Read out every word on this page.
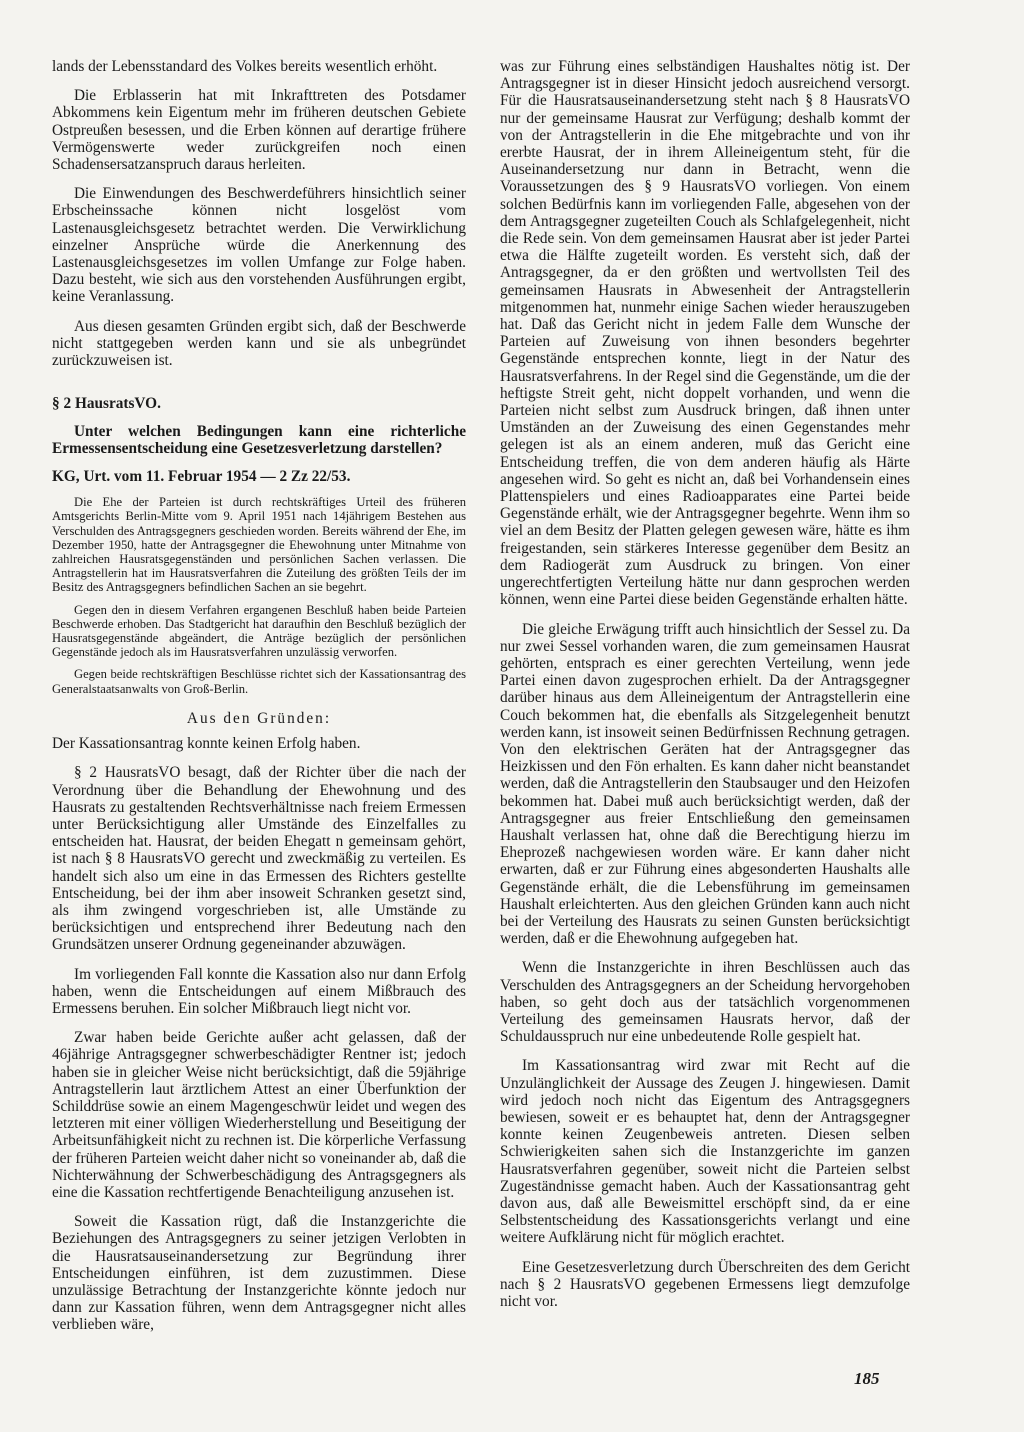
lands der Lebensstandard des Volkes bereits wesentlich erhöht.

Die Erblasserin hat mit Inkrafttreten des Potsdamer Abkommens kein Eigentum mehr im früheren deutschen Gebiete Ostpreußen besessen, und die Erben können auf derartige frühere Vermögenswerte weder zurückgreifen noch einen Schadensersatzanspruch daraus herleiten.

Die Einwendungen des Beschwerdeführers hinsichtlich seiner Erbscheinssache können nicht losgelöst vom Lastenausgleichsgesetz betrachtet werden. Die Verwirklichung einzelner Ansprüche würde die Anerkennung des Lastenausgleichsgesetzes im vollen Umfange zur Folge haben. Dazu besteht, wie sich aus den vorstehenden Ausführungen ergibt, keine Veranlassung.

Aus diesen gesamten Gründen ergibt sich, daß der Beschwerde nicht stattgegeben werden kann und sie als unbegründet zurückzuweisen ist.

§ 2 HausratsVO.
Unter welchen Bedingungen kann eine richterliche Ermessensentscheidung eine Gesetzesverletzung darstellen?
KG, Urt. vom 11. Februar 1954 — 2 Zz 22/53.
Die Ehe der Parteien ist durch rechtskräftiges Urteil des früheren Amtsgerichts Berlin-Mitte vom 9. April 1951 nach 14jährigem Bestehen aus Verschulden des Antragsgegners geschieden worden. Bereits während der Ehe, im Dezember 1950, hatte der Antragsgegner die Ehewohnung unter Mitnahme von zahlreichen Hausratsgegenständen und persönlichen Sachen verlassen. Die Antragstellerin hat im Hausratsverfahren die Zuteilung des größten Teils der im Besitz des Antragsgegners befindlichen Sachen an sie begehrt.
Gegen den in diesem Verfahren ergangenen Beschluß haben beide Parteien Beschwerde erhoben. Das Stadtgericht hat daraufhin den Beschluß bezüglich der Hausratsgegenstände abgeändert, die Anträge bezüglich der persönlichen Gegenstände jedoch als im Hausratsverfahren unzulässig verworfen.
Gegen beide rechtskräftigen Beschlüsse richtet sich der Kassationsantrag des Generalstaatsanwalts von Groß-Berlin.
Aus den Gründen:

Der Kassationsantrag konnte keinen Erfolg haben.

§ 2 HausratsVO besagt, daß der Richter über die nach der Verordnung über die Behandlung der Ehewohnung und des Hausrats zu gestaltenden Rechtsverhältnisse nach freiem Ermessen unter Berücksichtigung aller Umstände des Einzelfalles zu entscheiden hat. Hausrat, der beiden Ehegatt n gemeinsam gehört, ist nach § 8 HausratsVO gerecht und zweckmäßig zu verteilen. Es handelt sich also um eine in das Ermessen des Richters gestellte Entscheidung, bei der ihm aber insoweit Schranken gesetzt sind, als ihm zwingend vorgeschrieben ist, alle Umstände zu berücksichtigen und entsprechend ihrer Bedeutung nach den Grundsätzen unserer Ordnung gegeneinander abzuwägen.

Im vorliegenden Fall konnte die Kassation also nur dann Erfolg haben, wenn die Entscheidungen auf einem Mißbrauch des Ermessens beruhen. Ein solcher Mißbrauch liegt nicht vor.

Zwar haben beide Gerichte außer acht gelassen, daß der 46jährige Antragsgegner schwerbeschädigter Rentner ist; jedoch haben sie in gleicher Weise nicht berücksichtigt, daß die 59jährige Antragstellerin laut ärztlichem Attest an einer Überfunktion der Schilddrüse sowie an einem Magengeschwür leidet und wegen des letzteren mit einer völligen Wiederherstellung und Beseitigung der Arbeitsunfähigkeit nicht zu rechnen ist. Die körperliche Verfassung der früheren Parteien weicht daher nicht so voneinander ab, daß die Nichterwähnung der Schwerbeschädigung des Antragsgegners als eine die Kassation rechtfertigende Benachteiligung anzusehen ist.

Soweit die Kassation rügt, daß die Instanzgerichte die Beziehungen des Antragsgegners zu seiner jetzigen Verlobten in die Hausratsauseinandersetzung zur Begründung ihrer Entscheidungen einführen, ist dem zuzustimmen. Diese unzulässige Betrachtung der Instanzgerichte könnte jedoch nur dann zur Kassation führen, wenn dem Antragsgegner nicht alles verblieben wäre,

was zur Führung eines selbständigen Haushaltes nötig ist. Der Antragsgegner ist in dieser Hinsicht jedoch ausreichend versorgt. Für die Hausratsauseinandersetzung steht nach § 8 HausratsVO nur der gemeinsame Hausrat zur Verfügung; deshalb kommt der von der Antragstellerin in die Ehe mitgebrachte und von ihr ererbte Hausrat, der in ihrem Alleineigentum steht, für die Auseinandersetzung nur dann in Betracht, wenn die Voraussetzungen des § 9 HausratsVO vorliegen. Von einem solchen Bedürfnis kann im vorliegenden Falle, abgesehen von der dem Antragsgegner zugeteilten Couch als Schlafgelegenheit, nicht die Rede sein. Von dem gemeinsamen Hausrat aber ist jeder Partei etwa die Hälfte zugeteilt worden. Es versteht sich, daß der Antragsgegner, da er den größten und wertvollsten Teil des gemeinsamen Hausrats in Abwesenheit der Antragstellerin mitgenommen hat, nunmehr einige Sachen wieder herauszugeben hat. Daß das Gericht nicht in jedem Falle dem Wunsche der Parteien auf Zuweisung von ihnen besonders begehrter Gegenstände entsprechen konnte, liegt in der Natur des Hausratsverfahrens. In der Regel sind die Gegenstände, um die der heftigste Streit geht, nicht doppelt vorhanden, und wenn die Parteien nicht selbst zum Ausdruck bringen, daß ihnen unter Umständen an der Zuweisung des einen Gegenstandes mehr gelegen ist als an einem anderen, muß das Gericht eine Entscheidung treffen, die von dem anderen häufig als Härte angesehen wird. So geht es nicht an, daß bei Vorhandensein eines Plattenspielers und eines Radioapparates eine Partei beide Gegenstände erhält, wie der Antragsgegner begehrte. Wenn ihm so viel an dem Besitz der Platten gelegen gewesen wäre, hätte es ihm freigestanden, sein stärkeres Interesse gegenüber dem Besitz an dem Radiogerät zum Ausdruck zu bringen. Von einer ungerechtfertigten Verteilung hätte nur dann gesprochen werden können, wenn eine Partei diese beiden Gegenstände erhalten hätte.

Die gleiche Erwägung trifft auch hinsichtlich der Sessel zu. Da nur zwei Sessel vorhanden waren, die zum gemeinsamen Hausrat gehörten, entsprach es einer gerechten Verteilung, wenn jede Partei einen davon zugesprochen erhielt. Da der Antragsgegner darüber hinaus aus dem Alleineigentum der Antragstellerin eine Couch bekommen hat, die ebenfalls als Sitzgelegenheit benutzt werden kann, ist insoweit seinen Bedürfnissen Rechnung getragen. Von den elektrischen Geräten hat der Antragsgegner das Heizkissen und den Fön erhalten. Es kann daher nicht beanstandet werden, daß die Antragstellerin den Staubsauger und den Heizofen bekommen hat. Dabei muß auch berücksichtigt werden, daß der Antragsgegner aus freier Entschließung den gemeinsamen Haushalt verlassen hat, ohne daß die Berechtigung hierzu im Eheprozeß nachgewiesen worden wäre. Er kann daher nicht erwarten, daß er zur Führung eines abgesonderten Haushalts alle Gegenstände erhält, die die Lebensführung im gemeinsamen Haushalt erleichterten. Aus den gleichen Gründen kann auch nicht bei der Verteilung des Hausrats zu seinen Gunsten berücksichtigt werden, daß er die Ehewohnung aufgegeben hat.

Wenn die Instanzgerichte in ihren Beschlüssen auch das Verschulden des Antragsgegners an der Scheidung hervorgehoben haben, so geht doch aus der tatsächlich vorgenommenen Verteilung des gemeinsamen Hausrats hervor, daß der Schuldausspruch nur eine unbedeutende Rolle gespielt hat.

Im Kassationsantrag wird zwar mit Recht auf die Unzulänglichkeit der Aussage des Zeugen J. hingewiesen. Damit wird jedoch noch nicht das Eigentum des Antragsgegners bewiesen, soweit er es behauptet hat, denn der Antragsgegner konnte keinen Zeugenbeweis antreten. Diesen selben Schwierigkeiten sahen sich die Instanzgerichte im ganzen Hausratsverfahren gegenüber, soweit nicht die Parteien selbst Zugeständnisse gemacht haben. Auch der Kassationsantrag geht davon aus, daß alle Beweismittel erschöpft sind, da er eine Selbstentscheidung des Kassationsgerichts verlangt und eine weitere Aufklärung nicht für möglich erachtet.

Eine Gesetzesverletzung durch Überschreiten des dem Gericht nach § 2 HausratsVO gegebenen Ermessens liegt demzufolge nicht vor.

185
